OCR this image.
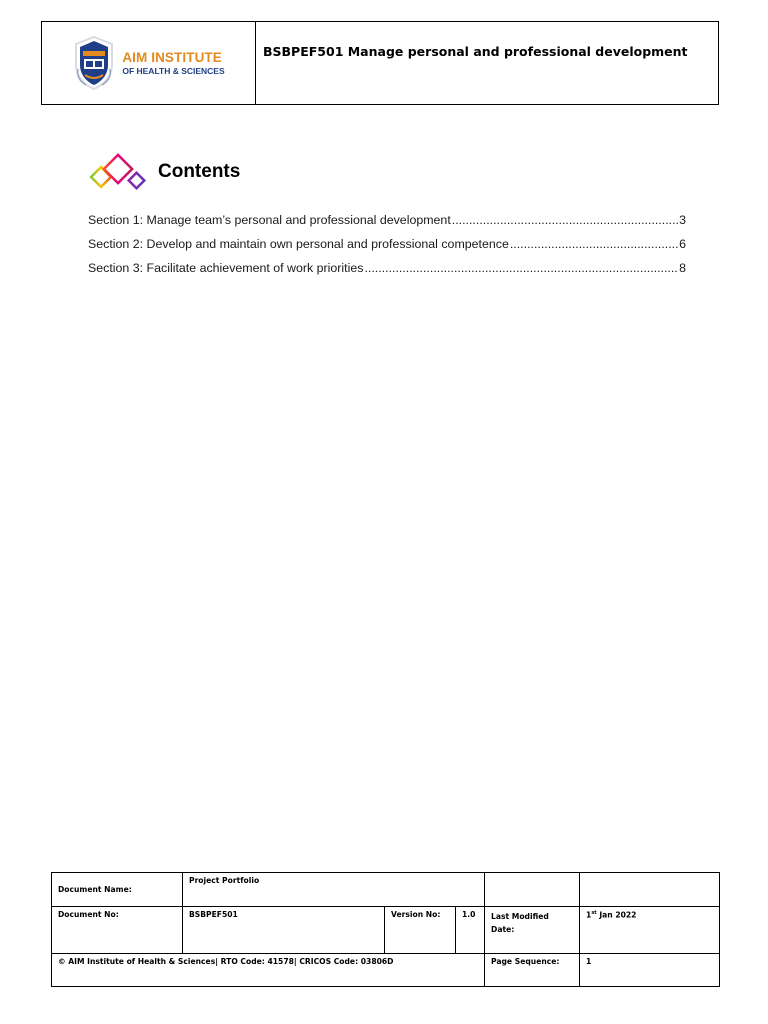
AIM INSTITUTE
OF HEALTH & SCIENCES
BSBPEF501 Manage personal and professional development
Contents
Section 1: Manage team’s personal and professional development .....	3
Section 2: Develop and maintain own personal and professional competence .....	6
Section 3: Facilitate achievement of work priorities .....	8
Document Name:	Project Portfolio				
Document No:	BSBPEF501	Version No:	1.0	Last Modified Date:	1st Jan 2022
© AIM Institute of Health & Sciences| RTO Code: 41578| CRICOS Code: 03806D				Page Sequence:	1
